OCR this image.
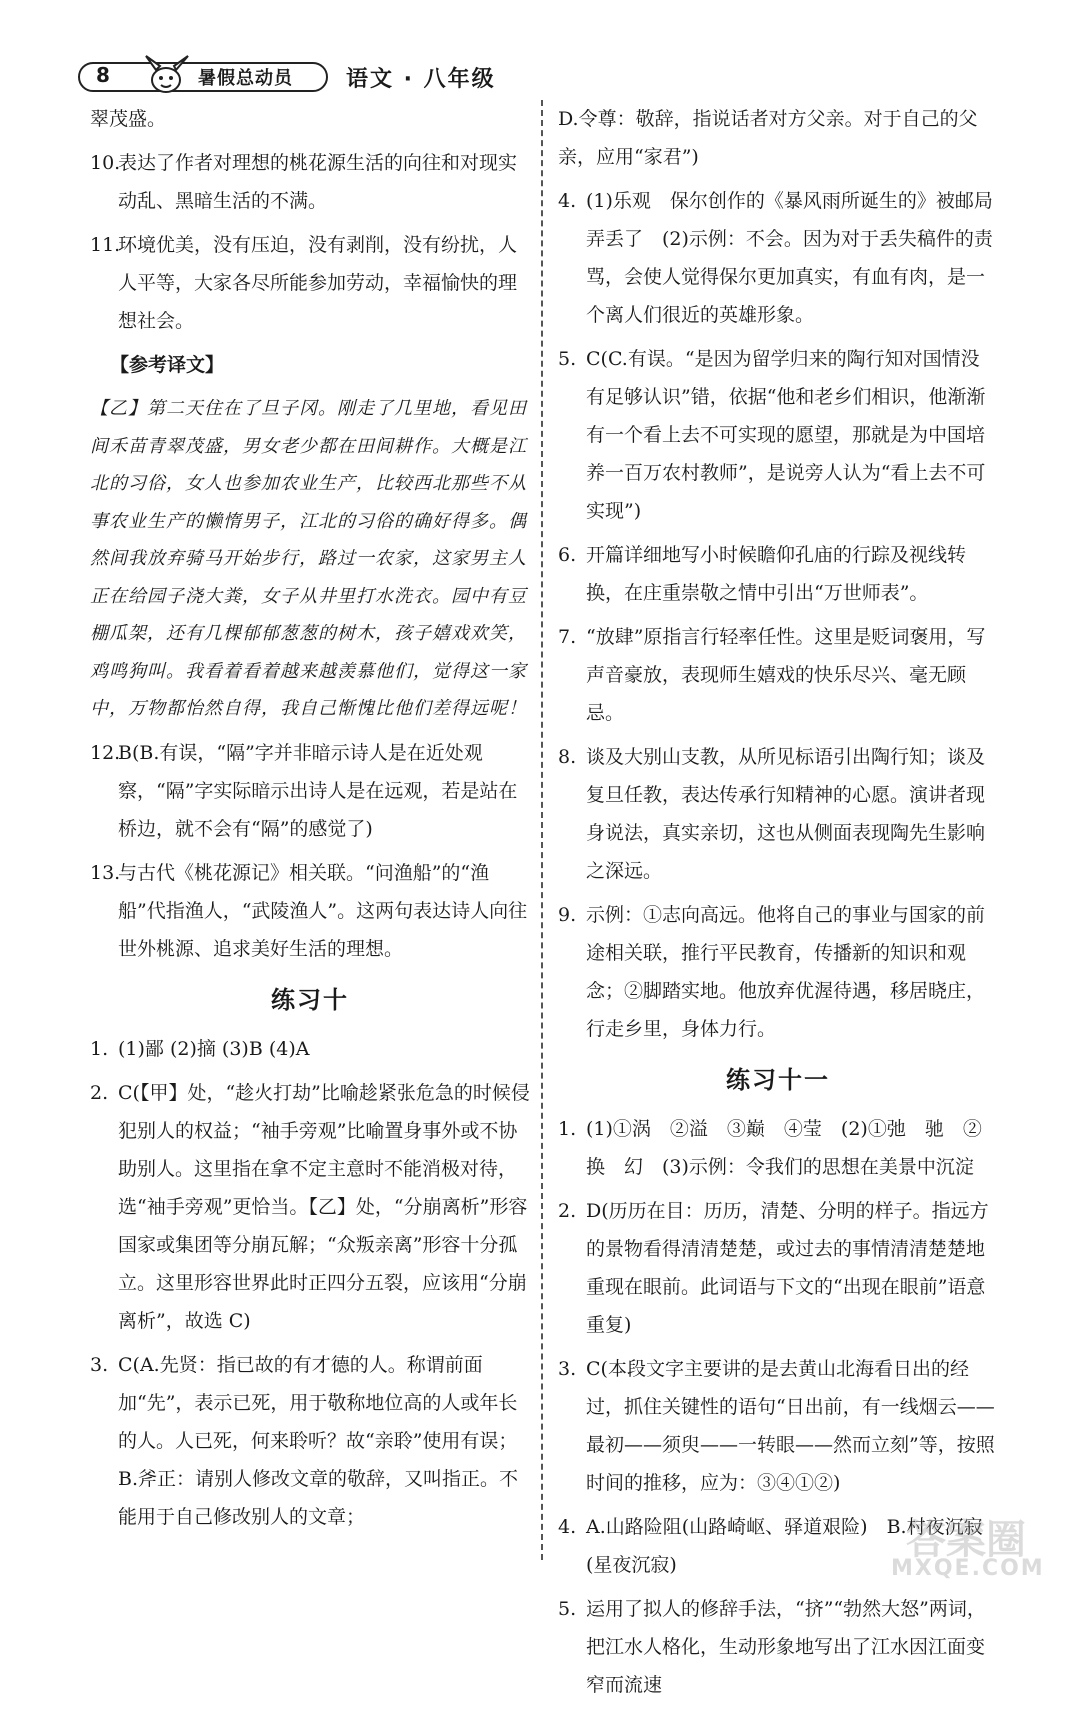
8	暑假总动员 语文 · 八年级

翠茂盛。

10.
表达了作者对理想的桃花源生活的向往和对现实动乱、黑暗生活的不满。
11.
环境优美，没有压迫，没有剥削，没有纷扰，人人平等，大家各尽所能参加劳动，幸福愉快的理想社会。
【参考译文】

【乙】第二天住在了旦子冈。刚走了几里地，看见田间禾苗青翠茂盛，男女老少都在田间耕作。大概是江北的习俗，女人也参加农业生产，比较西北那些不从事农业生产的懒惰男子，江北的习俗的确好得多。偶然间我放弃骑马开始步行，路过一农家，这家男主人正在给园子浇大粪，女子从井里打水洗衣。园中有豆棚瓜架，还有几棵郁郁葱葱的树木，孩子嬉戏欢笑，鸡鸣狗叫。我看着看着越来越羡慕他们，觉得这一家中，万物都怡然自得，我自己惭愧比他们差得远呢！

12.
B(B.有误，“隔”字并非暗示诗人是在近处观察，“隔”字实际暗示出诗人是在远观，若是站在桥边，就不会有“隔”的感觉了)
13.
与古代《桃花源记》相关联。“问渔船”的“渔船”代指渔人，“武陵渔人”。这两句表达诗人向往世外桃源、追求美好生活的理想。
练习十
1. (1)鄙 (2)摘 (3)B (4)A
2. C(【甲】处，“趁火打劫”比喻趁紧张危急的时候侵犯别人的权益；“袖手旁观”比喻置身事外或不协助别人。这里指在拿不定主意时不能消极对待，选“袖手旁观”更恰当。【乙】处，“分崩离析”形容国家或集团等分崩瓦解；“众叛亲离”形容十分孤立。这里形容世界此时正四分五裂，应该用“分崩离析”，故选 C)
3. C(A.先贤：指已故的有才德的人。称谓前面加“先”，表示已死，用于敬称地位高的人或年长的人。人已死，何来聆听？故“亲聆”使用有误；B.斧正：请别人修改文章的敬辞，又叫指正。不能用于自己修改别人的文章；

D.令尊：敬辞，指说话者对方父亲。对于自己的父亲，应用“家君”)

4. (1)乐观　保尔创作的《暴风雨所诞生的》被邮局弄丢了　(2)示例：不会。因为对于丢失稿件的责骂，会使人觉得保尔更加真实，有血有肉，是一个离人们很近的英雄形象。
5. C(C.有误。“是因为留学归来的陶行知对国情没有足够认识”错，依据“他和老乡们相识，他渐渐有一个看上去不可实现的愿望，那就是为中国培养一百万农村教师”，是说旁人认为“看上去不可实现”)
6. 开篇详细地写小时候瞻仰孔庙的行踪及视线转换，在庄重崇敬之情中引出“万世师表”。
7. “放肆”原指言行轻率任性。这里是贬词褒用，写声音豪放，表现师生嬉戏的快乐尽兴、毫无顾忌。
8. 谈及大别山支教，从所见标语引出陶行知；谈及复旦任教，表达传承行知精神的心愿。演讲者现身说法，真实亲切，这也从侧面表现陶先生影响之深远。
9. 示例：①志向高远。他将自己的事业与国家的前途相关联，推行平民教育，传播新的知识和观念；②脚踏实地。他放弃优渥待遇，移居晓庄，行走乡里，身体力行。
练习十一
1. (1)①涡　②溢　③巅　④莹　(2)①弛　驰　②换　幻　(3)示例：令我们的思想在美景中沉淀
2. D(历历在目：历历，清楚、分明的样子。指远方的景物看得清清楚楚，或过去的事情清清楚楚地重现在眼前。此词语与下文的“出现在眼前”语意重复)
3. C(本段文字主要讲的是去黄山北海看日出的经过，抓住关键性的语句“日出前，有一线烟云——最初——须臾——一转眼——然而立刻”等，按照时间的推移，应为：③④①②)
4. A.山路险阻(山路崎岖、驿道艰险)　B.村夜沉寂(星夜沉寂)
5. 运用了拟人的修辞手法，“挤”“勃然大怒”两词，把江水人格化，生动形象地写出了江水因江面变窄而流速
答案圈
MXQE.COM
